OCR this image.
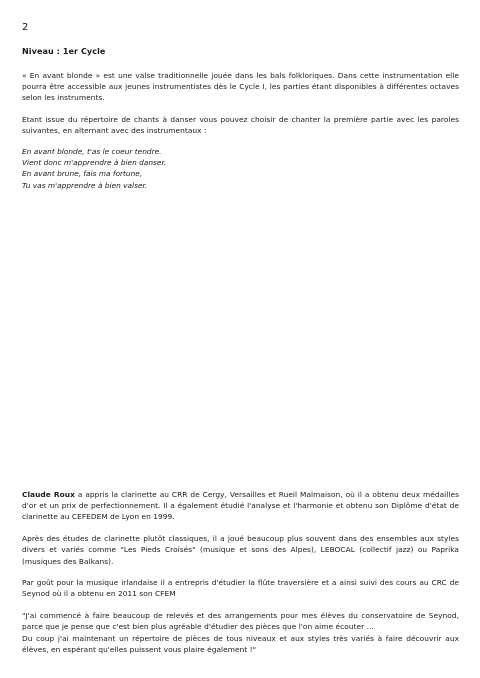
2
Niveau : 1er Cycle

« En avant blonde » est une valse traditionnelle jouée dans les bals folkloriques. Dans cette instrumentation elle pourra être accessible aux jeunes instrumentistes dès le Cycle I, les parties étant disponibles à différentes octaves selon les instruments.

Etant issue du répertoire de chants à danser vous pouvez choisir de chanter la première partie avec les paroles suivantes, en alternant avec des instrumentaux :

En avant blonde, t'as le coeur tendre.
Vient donc m'apprendre à bien danser.
En avant brune, fais ma fortune,
Tu vas m'apprendre à bien valser.

Claude Roux a appris la clarinette au CRR de Cergy, Versailles et Rueil Malmaison, où il a obtenu deux médailles d'or et un prix de perfectionnement. Il a également étudié l'analyse et l'harmonie et obtenu son Diplôme d'état de clarinette au CEFEDEM de Lyon en 1999.

Après des études de clarinette plutôt classiques, il a joué beaucoup plus souvent dans des ensembles aux styles divers et variés comme "Les Pieds Croisés" (musique et sons des Alpes), LEBOCAL (collectif jazz) ou Paprika (musiques des Balkans).

Par goût pour la musique irlandaise il a entrepris d'étudier la flûte traversière et a ainsi suivi des cours au CRC de Seynod où il a obtenu en 2011 son CFEM

"J'ai commencé à faire beaucoup de relevés et des arrangements pour mes élèves du conservatoire de Seynod, parce que je pense que c'est bien plus agréable d'étudier des pièces que l'on aime écouter …

Du coup j'ai maintenant un répertoire de pièces de tous niveaux et aux styles très variés à faire découvrir aux élèves, en espérant qu'elles puissent vous plaire également !"
